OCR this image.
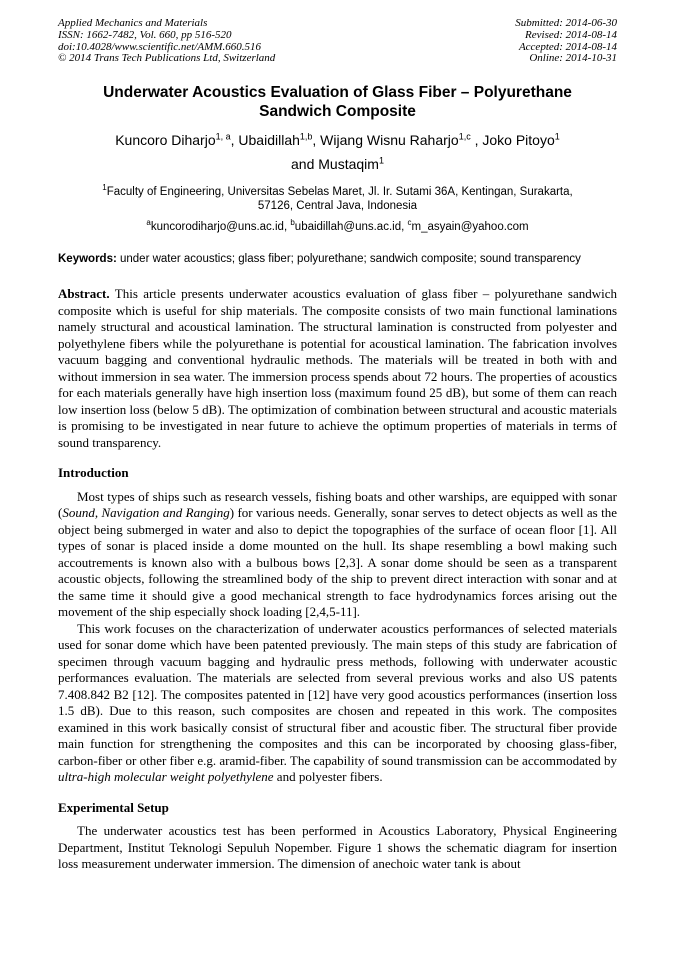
Applied Mechanics and Materials
ISSN: 1662-7482, Vol. 660, pp 516-520
doi:10.4028/www.scientific.net/AMM.660.516
© 2014 Trans Tech Publications Ltd, Switzerland
Submitted: 2014-06-30
Revised: 2014-08-14
Accepted: 2014-08-14
Online: 2014-10-31
Underwater Acoustics Evaluation of Glass Fiber – Polyurethane
Sandwich Composite
Kuncoro Diharjo$^{1, a}$, Ubaidillah$^{1,b}$, Wijang Wisnu Raharjo$^{1,c}$ , Joko Pitoyo$^1$
and Mustaqim$^1$
$^1$Faculty of Engineering, Universitas Sebelas Maret, Jl. Ir. Sutami 36A, Kentingan, Surakarta,
57126, Central Java, Indonesia
$^a$kuncorodiharjo@uns.ac.id, $^b$ubaidillah@uns.ac.id, $^c$m_asyain@yahoo.com

Keywords: under water acoustics; glass fiber; polyurethane; sandwich composite; sound transparency

Abstract. This article presents underwater acoustics evaluation of glass fiber – polyurethane sandwich composite which is useful for ship materials. The composite consists of two main functional laminations namely structural and acoustical lamination. The structural lamination is constructed from polyester and polyethylene fibers while the polyurethane is potential for acoustical lamination. The fabrication involves vacuum bagging and conventional hydraulic methods. The materials will be treated in both with and without immersion in sea water. The immersion process spends about 72 hours. The properties of acoustics for each materials generally have high insertion loss (maximum found 25 dB), but some of them can reach low insertion loss (below 5 dB). The optimization of combination between structural and acoustic materials is promising to be investigated in near future to achieve the optimum properties of materials in terms of sound transparency.

Introduction

Most types of ships such as research vessels, fishing boats and other warships, are equipped with sonar (Sound, Navigation and Ranging) for various needs. Generally, sonar serves to detect objects as well as the object being submerged in water and also to depict the topographies of the surface of ocean floor [1]. All types of sonar is placed inside a dome mounted on the hull. Its shape resembling a bowl making such accoutrements is known also with a bulbous bows [2,3]. A sonar dome should be seen as a transparent acoustic objects, following the streamlined body of the ship to prevent direct interaction with sonar and at the same time it should give a good mechanical strength to face hydrodynamics forces arising out the movement of the ship especially shock loading [2,4,5-11].

This work focuses on the characterization of underwater acoustics performances of selected materials used for sonar dome which have been patented previously. The main steps of this study are fabrication of specimen through vacuum bagging and hydraulic press methods, following with underwater acoustic performances evaluation. The materials are selected from several previous works and also US patents 7.408.842 B2 [12]. The composites patented in [12] have very good acoustics performances (insertion loss 1.5 dB). Due to this reason, such composites are chosen and repeated in this work. The composites examined in this work basically consist of structural fiber and acoustic fiber. The structural fiber provide main function for strengthening the composites and this can be incorporated by choosing glass-fiber, carbon-fiber or other fiber e.g. aramid-fiber. The capability of sound transmission can be accommodated by ultra-high molecular weight polyethylene and polyester fibers.

Experimental Setup

The underwater acoustics test has been performed in Acoustics Laboratory, Physical Engineering Department, Institut Teknologi Sepuluh Nopember. Figure 1 shows the schematic diagram for insertion loss measurement underwater immersion. The dimension of anechoic water tank is about
